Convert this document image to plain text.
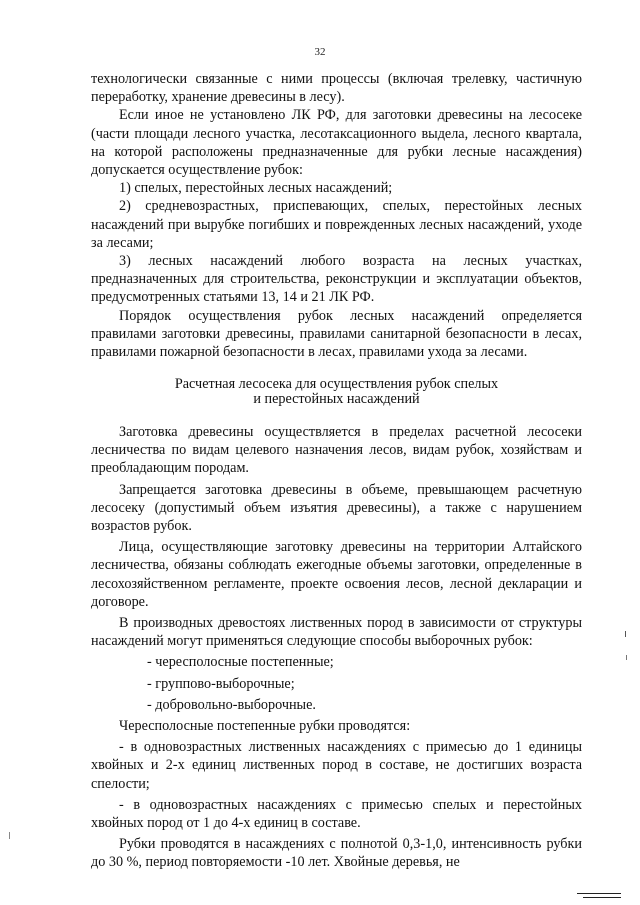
32

технологически связанные с ними процессы (включая трелевку, частичную переработку, хранение древесины в лесу).

Если иное не установлено ЛК РФ, для заготовки древесины на лесосеке (части площади лесного участка, лесотаксационного выдела, лесного квартала, на которой расположены предназначенные для рубки лесные насаждения) допускается осуществление рубок:

1) спелых, перестойных лесных насаждений;

2) средневозрастных, приспевающих, спелых, перестойных лесных насаждений при вырубке погибших и поврежденных лесных насаждений, уходе за лесами;

3) лесных насаждений любого возраста на лесных участках, предназначенных для строительства, реконструкции и эксплуатации объектов, предусмотренных статьями 13, 14 и 21 ЛК РФ.

Порядок осуществления рубок лесных насаждений определяется правилами заготовки древесины, правилами санитарной безопасности в лесах, правилами пожарной безопасности в лесах, правилами ухода за лесами.

Расчетная лесосека для осуществления рубок спелых
и перестойных насаждений

Заготовка древесины осуществляется в пределах расчетной лесосеки лесничества по видам целевого назначения лесов, видам рубок, хозяйствам и преобладающим породам.

Запрещается заготовка древесины в объеме, превышающем расчетную лесосеку (допустимый объем изъятия древесины), а также с нарушением возрастов рубок.

Лица, осуществляющие заготовку древесины на территории Алтайского лесничества, обязаны соблюдать ежегодные объемы заготовки, определенные в лесохозяйственном регламенте, проекте освоения лесов, лесной декларации и договоре.

В производных древостоях лиственных пород в зависимости от структуры насаждений могут применяться следующие способы выборочных рубок:

- чересполосные постепенные;

- группово-выборочные;

- добровольно-выборочные.

Чересполосные постепенные рубки проводятся:

- в одновозрастных лиственных насаждениях с примесью до 1 единицы хвойных и 2-х единиц лиственных пород в составе, не достигших возраста спелости;

- в одновозрастных насаждениях с примесью спелых и перестойных хвойных пород от 1 до 4-х единиц в составе.

Рубки проводятся в насаждениях с полнотой 0,3-1,0, интенсивность рубки до 30 %, период повторяемости -10 лет. Хвойные деревья, не
